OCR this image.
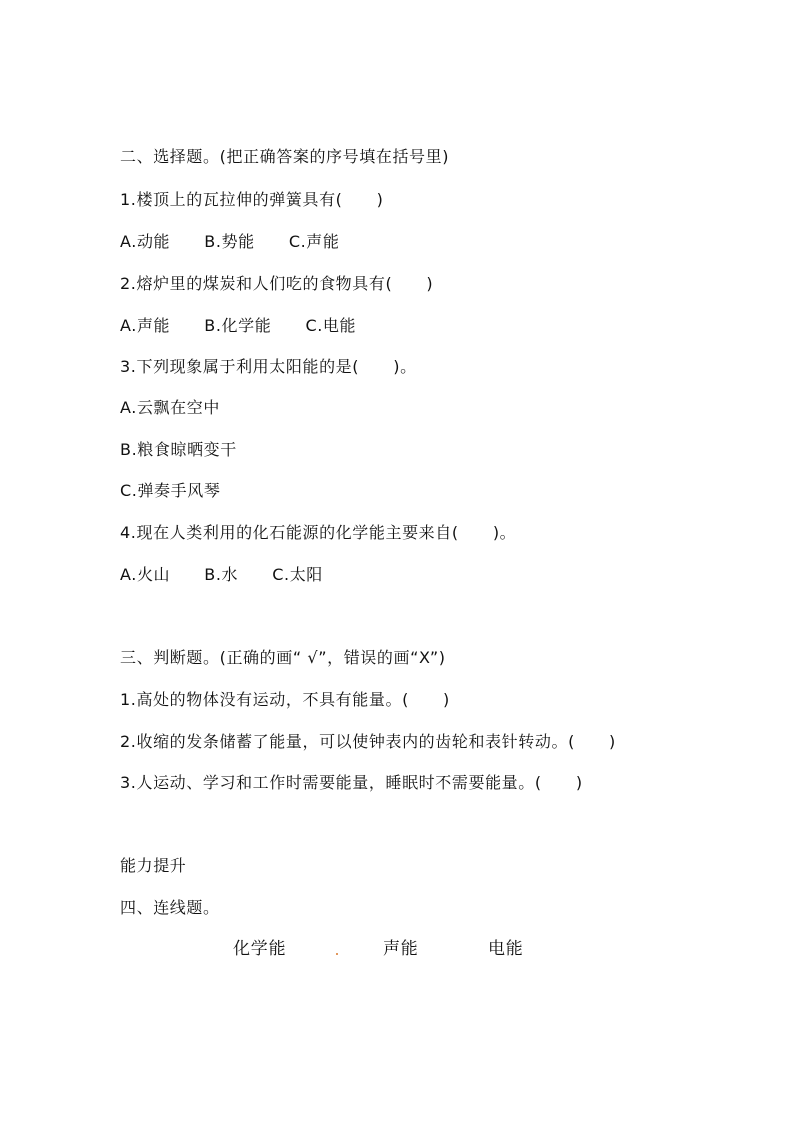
二、选择题。(把正确答案的序号填在括号里)
1.楼顶上的瓦拉伸的弹簧具有(      )
A.动能      B.势能      C.声能
2.熔炉里的煤炭和人们吃的食物具有(      )
A.声能      B.化学能      C.电能
3.下列现象属于利用太阳能的是(      )。
A.云飘在空中
B.粮食晾晒变干
C.弹奏手风琴
4.现在人类利用的化石能源的化学能主要来自(      )。
A.火山      B.水      C.太阳
三、判断题。(正确的画“ √”，错误的画“X”)
1.高处的物体没有运动，不具有能量。(      )
2.收缩的发条储蓄了能量，可以使钟表内的齿轮和表针转动。(      )
3.人运动、学习和工作时需要能量，睡眠时不需要能量。(      )
能力提升
四、连线题。
化学能	声能	电能
